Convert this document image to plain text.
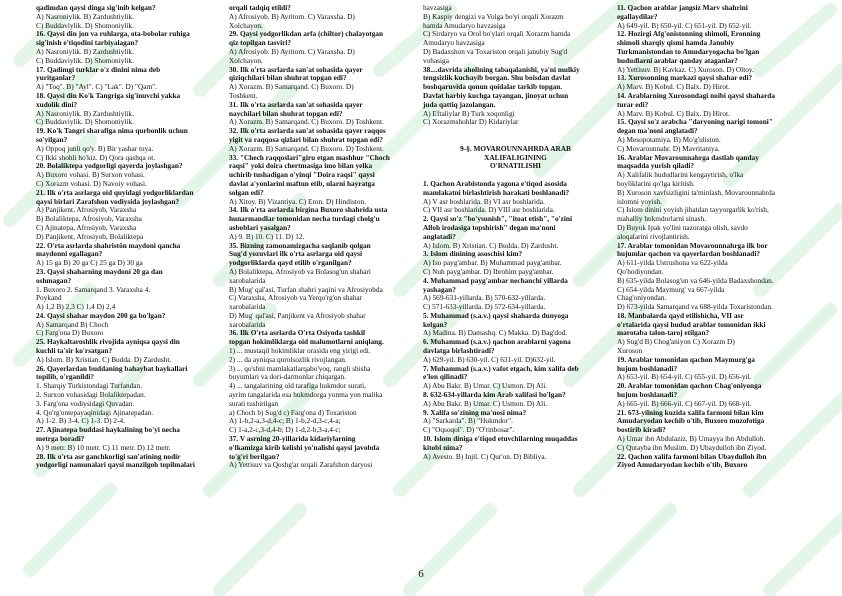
qadimdan qaysi dinga sig'inib kelgan?
A) Nasroniylik. B) Zardushtiylik.
C) Buddaviylik. D) Shomoniylik.
16. Qaysi din jon va ruhlarga, ota-bobolar ruhiga
sig'inish e'tiqodini tarbiyalagan?
A) Nasroniylik. B) Zardushtiylik.
C) Buddaviylik. D) Shomoniylik.
17. Qadimgi turklar o'z dinini nima deb
yuritganlar?
A) "Toq". B) "Ayl". C) "Lak". D) "Qam".
18. Qaysi din Ko'k Tangriga sig'inuvchi yakka
xudolik dini?
A) Nasroniylik. B) Zardushtiylik.
C) Buddaviylik. D) Shomoniylik.
19. Ko'k Tangri sharafiga nima qurbonlik uchun
so'yilgan?
A) Oppoq junli qo'y. B) Bir yashar tuya.
C) Ikki shohli ho'kiz. D) Qora qashqa ot.
20. Bolaliktepa yodgorligi qayerda joylashgan?
A) Buxoro vohasi. B) Surxon vohasi.
C) Xorazm vohasi. D) Navoiy vohasi.
21. Ilk o'rta asrlarga oid quyidagi yodgorliklardan
qaysi birlari Zarafshon vodiysida joylashgan?
A) Panjikent, Afrosiyob, Varaxsha
B) Bolaliktepa, Afrosiyob, Varaxsha
C) Ajinatepa, Afrosiyob, Varaxsha
D) Panjikent, Afrosiyob, Bolaliktepa
22. O'rta asrlarda shahristön maydoni qancha
maydonni egallagan?
A) 15 ga B) 20 ga C) 25 ga D) 30 ga
23. Qaysi shaharning maydoni 20 ga dan
oshmagan?
1. Buxoro 2. Samarqand 3. Varaxsha 4.
Poykand
A) 1,2 B) 2,3 C) 1,4 D) 2,4
24. Qaysi shahar maydon 200 ga bo'lgan?
A) Samarqand B) Choch
C) Farg'ona D) Buxoro
25. Haykaltaroshlik rivojida ayniqsa qaysi din
kuchli ta'sir ko'rsatgan?
A) Islom. B) Xristian. C) Budda. D) Zardusht.
26. Qayerlardan buddaning bahaybat haykallari
topilib, o'rganildi?
1. Sharqiy Turkistondagi Turfandan.
2. Surxon vohasidagi Bolaliktepadan.
3. Farg'ona vodiysidagi Quvadan.
4. Qo'rg'ontepayaqinidagi Ajinatepadan.
A) 1-2. B) 3-4. C) 1-3. D) 2-4.
27. Ajinatepa buddasi haykalining bo'yi necha
metrga boradi?
A) 9 metr. B) 10 metr. C) 11 metr. D) 12 metr.
28. Ilk o'rta asr ganchkorligi san'atining nodir
yodgorligi namunalari qaysi manzilgoh topilmalari
orqali tadqiq etildi?
A) Afrosiyob. B) Ayritom. C) Varaxsha. D)
Xolchayon.
29. Qaysi yodgorlikdan arfa (chiltor) chalayotgan
qiz topilgan tasviri?
A) Afrosiyob. B) Ayritom. C) Varaxsha. D)
Xolchayon.
30. Ilk o'rta asrlarda san'at sohasida qayer
qiziqchilari bilan shuhrat topgan edi?
A) Xorazm. B) Samarqand. C) Buxoro. D)
Toshkent.
31. Ilk o'rta asrlarda san'at sohasida qayer
naychilari bilan shuhrat topgan edi?
A) Xorazm. B) Samarqand. C) Buxoro. D) Toshkent.
32. Ilk o'rta asrlarda san'at sohasida qayer raqqos
yigit va raqqosa qizlari bilan shuhrat topgan edi?
A) Xorazm. B) Samarqand. C) Buxoro. D) Toshkent.
33. "Chech raqqoslari"giru etgan mashhur "Choch
raqsi" yoki doira chertmasiga imo bilan yelka
uchirib tushadigan o'yinqi "Doira raqsi" qaysi
davlat a'yonlarini maftun etib, ularni hayratga
solgan edi?
A) Xitoy. B) Vizantiya. C) Eron. D) Hindiston.
34. Ilk o'rta asrlarda birgina Buxoro shahrida usta
hunarmandlar tomonidan necha turdagi cholg'u
asboblari yasalgan?
A) 9. B) 10. C) 11. D) 12.
35. Bizning zamonamizgacha saqlanib qolgan
Sug'd yozuvlari ilk o'rta asrlarga oid qaysi
yodgorliklarda qayd etilib o'rganilgan?
A) Bolaliktepa, Afrosiyob va Bolasog'un shahari
xarobalarida
B) Mug' qal'asi, Turfan shahri yaqini va Afrosiyobda
C) Varaxsha, Afrosiyob va Yerqo'rg'on shahar
xarobalarida
D) Mug' qal'asi, Panjikent va Afrosiyob shahar
xarobalarida
36. Ilk O'rta asrlarda O'rta Osiyoda tashkil
topgan hokimliklarga oid malumotlarni aniqlang.
1) ... mustaqil hokimliklar orasida eng yirigi edi.
2) ... da ayniqsa qurolsozlik rivojlangan.
3) ... qo'shni mamlakatlarqabo'yoq, rangli shisha
buyumlari va dori-darmonlar chiqargan.
4) ... tangalarining old tarafiga hukmdor surati,
ayrim tangalarida esa hukmdorga yonma yon malika
surati tushirilgan
a) Choch b) Sug'd c) Farg'ona d) Toxariston
A) 1-b,2-a,3-d,4-c; B) 1-b,2-d,3-c,4-a;
C) 1-a,2-c,3-d,4-b; D) 1-d,2-b,3-a,4-c;
37. V asrning 20-yillarida kidariylarning
o'lkamizga kirib kelishi yo'nalishi qaysi javobda
to'g'ri berilgan?
A) Yettisuv va Qoshg'ar orqali Zarafshon daryosi
havzasiga
B) Kaspiy dengizi va Volga bo'yi orqali Xorazm
hamda Amudaryo havzasiga
C) Sirdaryo va Orol bo'ylari orqali Xorazm hamda
Amudaryo havzasiga
D) Badaxshon va Toxariston orqali janubiy Sug'd
vohasiga
38....davrida aholining tabaqalanishi, ya'ni mulkiy
tengsizlik kuchayib borgan. Shu boisdan davlat
boshqaruvida qonun qoidalar tarkib topgan.
Davlat harbiy kuchga tayangan, jinoyat uchun
juda qattiq jazolangan.
A) Eftaliylar B) Turk xoqonligi
C) Xorazmshohlar D) Kidariylar
9-§. MOVAROUNNAHRDA ARAB
XALIFALIGINING
O'RNATILISHI
1. Qachon Arabistonda yagona e'tiqod asosida
mamlakatni birlashtirish harakati boshlanadi?
A) V asr boshlarida. B) VI asr boshlarida.
C) VII asr boshlarida. D) VIII asr boshlarida.
2. Qaysi so'z "bo'ysunish", "itoat etish", "o'zini
Alloh irodasiga topshirish" degan ma'noni
anglatadi?
A) Islom. B) Xristian. C) Budda. D) Zardusht.
3. Islom dinining asoschisi kim?
A) Iso payg'ambar. B) Muhammad payg'ambar.
C) Nuh payg'ambar. D) Ibrohim payg'ambar.
4. Muhammad payg'ambar nechanchi yillarda
yashagan?
A) 569-631-yillarda. B) 570-632-yillarda.
C) 571-633-yillarda. D) 572-634-yillarda.
5. Muhammad (s.a.v.) qaysi shaharda dunyoga
kelgan?
A) Madina. B) Damashq. C) Makka. D) Bag'dod.
6. Muhammad (s.a.v.) qachon arablarni yagona
davlatga birlashtiradi?
A) 629-yil. B) 630-yil. C) 631-yil. D)632-yil.
7. Muhammad (s.a.v.) vafot etgach, kim xalifa deb
e'lon qilinadi?
A) Abu Bakr. B) Umar. C) Usmon. D) Ali.
8. 632-634-yillarda kim Arab xalifasi bo'lgan?
A) Abu Bakr. B) Umar. C) Usmon. D) Ali.
9. Xalifa so'zining ma'nosi nima?
A) "Sarkarda". B) "Hukmdor".
C) "Oqsoqol". D) "O'rinbosar".
10. Islom diniga e'tiqod etuvchilarning muqaddas
kitobi nima?
A) Avesto. B) Injil. C) Qur'on. D) Bibliya.
11. Qachon arablar jangsiz Marv shahrini
egallaydilar?
A) 649-yil. B) 650-yil. C) 651-yil. D) 652-yil.
12. Hozirgi Afg'onistonning shimoli, Eronning
shimoli sharqiy qismi hamda Janubiy
Turkmanistondan to Amudaryogacha bo'lgan
hududlarni arablar qanday ataganlar?
A) Yettisuv. B) Kavkaz. C) Xuroson. D) Oltoy.
13. Xurosonning markazi qaysi shahar edi?
A) Marv. B) Kobul. C) Balx. D) Hirot.
14. Arablarning Xurosondagi noibi qaysi shaharda
turar edi?
A) Marv. B) Kobul. C) Balx. D) Hirot.
15. Qaysi so'z arabcha "daryoning narigi tomoni"
degan ma'noni anglatadi?
A) Mesopotamiya. B) Mo'g'uliston.
C) Movarounnahr. D) Mavritaniya.
16. Arablar Movarounnahrga dastlab qanday
maqsadda yurish qiladi?
A) Xalifalik hududlarini kengaytirish, o'lka
boyliklarini qo'lga kiritish.
B) Xuroson xavfsizligini ta'minlash, Movarounnahrda
islomni yoyish.
C) Islom dinini yoyish jihatdan tayyorgarlik ko'rish,
mahalliy hukmdorlarni sinash.
D) Buyuk Ipak yo'lini nazoratga olish, savdo
aloqalarini rivojlantirish.
17. Arablar tomonidan Movarounnahrga ilk bor
hujumlar qachon va qayerlardan boshlanadi?
A) 611-yilda Ustrushona va 622-yilda
Qo'hodiyondan.
B) 635-yilda Bolasog'un va 646-yilda Badaxshondan.
C) 654-yilda Maymurg' va 667-yilda
Chag'oniyondan.
D) 673-yilda Samarqand va 688-yilda Toxaristondan.
18. Manbalarda qayd etilishicha, VII asr
o'rtalarida qaysi hudud arablar tomonidan ikki
marotaba talon-taroj etilgan?
A) Sug'd B) Chog'aniyon C) Xorazm D)
Xuroson
19. Arablar tomonidan qachon Maymurg'ga
hujum boshlanadi?
A) 653-yil. B) 654-yil. C) 655-yil. D) 656-yil.
20. Arablar tomonidan qachon Chag'oniyonga
hujum boshlanadi?
A) 665-yil. B) 666-yil. C) 667-yil. D) 668-yil.
21. 673-yilning kuzida xalifa farmoni bilan kim
Amudaryodan kechib o'tib, Buxoro muzofotiga
bostirib kiradi?
A) Umar ibn Abdulaziz. B) Umayya ibn Abdulloh.
C) Qutayba ibn Muslim. D) Ubaydulloh ibn Ziyod.
22. Qachon xalifa farmoni bilan Ubaydulloh ibn
Ziyod Amudaryodan kechib o'tib, Buxoro
6
